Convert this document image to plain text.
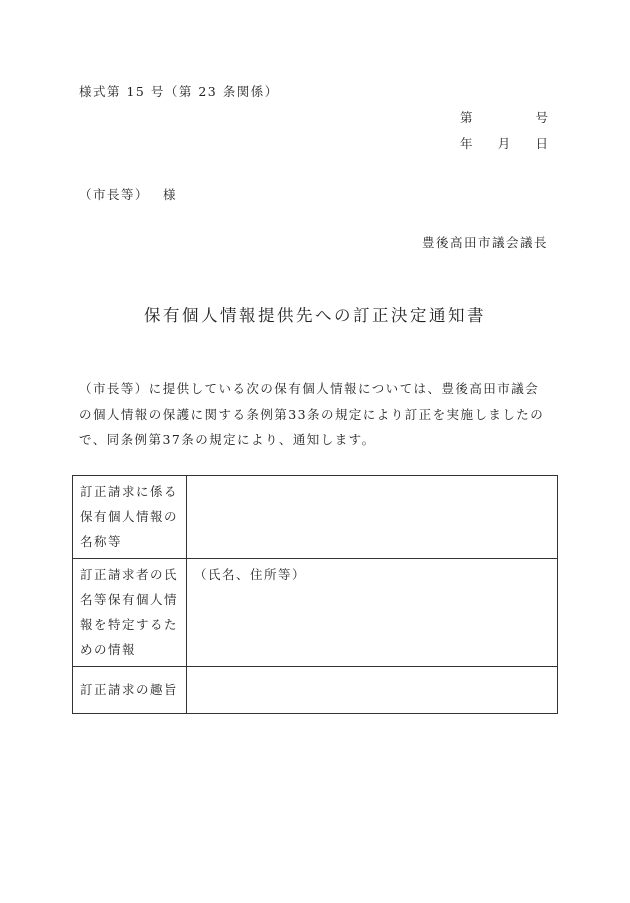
様式第 15 号（第 23 条関係）
第	号
年 月 日
（市長等） 様
豊後高田市議会議長
保有個人情報提供先への訂正決定通知書
（市長等）に提供している次の保有個人情報については、豊後高田市議会の個人情報の保護に関する条例第33条の規定により訂正を実施しましたので、同条例第37条の規定により、通知します。
訂正請求に係る保有個人情報の名称等	
訂正請求者の氏名等保有個人情報を特定するための情報	（氏名、住所等）
訂正請求の趣旨	
